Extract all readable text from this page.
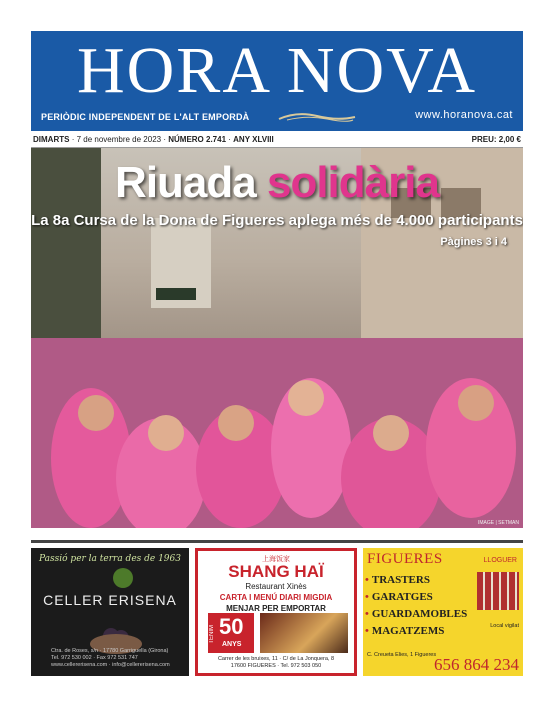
HORA NOVA
PERIÒDIC INDEPENDENT DE L'ALT EMPORDÀ	www.horanova.cat
DIMARTS · 7 de novembre de 2023 · NÚMERO 2.741 · ANY XLVIII	PREU: 2,00 €
Riuada solidària
La 8a Cursa de la Dona de Figueres aplega més de 4.000 participants
Pàgines 3 i 4
IMAGE | SETMAN
Passió per la terra des de 1963
CELLER ERISENA
Ctra. de Roses, s/n · 17780 Garriguella (Girona)
Tel. 972 530 002 · Fax 972 531 747
www.cellererisena.com · info@cellererisena.com
上海饭家
SHANG HAÏ
Restaurant Xinès
CARTA I MENÚ DIARI MIGDIA
MENJAR PER EMPORTAR
TENIM 50
ANYS
Carrer de les bruixes, 11 · C/ de La Jonquera, 8
17600 FIGUERES · Tel. 972 503 050
FIGUERES	LLOGUER
• TRASTERS
• GARATGES
• GUARDAMOBLES
• MAGATZEMS	Local vigilat
C. Creueta Elies, 1 Figueres
656 864 234
